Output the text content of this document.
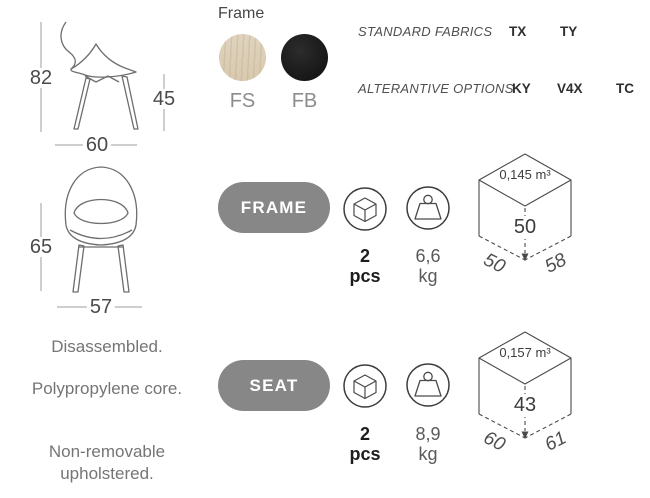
82
45
60
65
57
Disassembled.
Polypropylene core.
Non-removable upholstered.
Frame
FS	FB
STANDARD FABRICS TX TY
ALTERANTIVE OPTIONS
KY V4X TC
FRAME
2
pcs
6,6
kg
0,145 m³
50
50	58
SEAT
2
pcs
8,9
kg
0,157 m³
43
60	61
